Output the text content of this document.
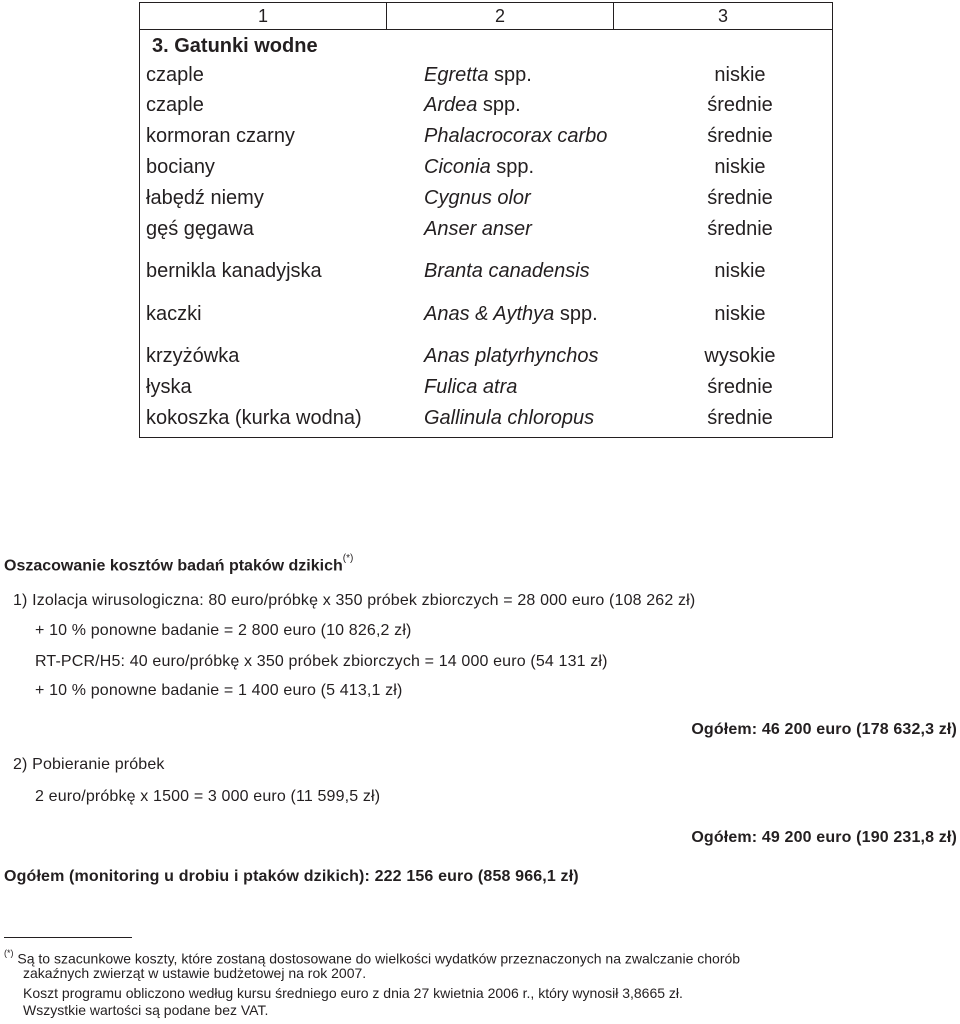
1	2	3
3. Gatunki wodne
czaple	Egretta spp.	niskie
czaple	Ardea spp.	średnie
kormoran czarny	Phalacrocorax carbo	średnie
bociany	Ciconia spp.	niskie
łabędź niemy	Cygnus olor	średnie
gęś gęgawa	Anser anser	średnie
bernikla kanadyjska	Branta canadensis	niskie
kaczki	Anas & Aythya spp.	niskie
krzyżówka	Anas platyrhynchos	wysokie
łyska	Fulica atra	średnie
kokoszka (kurka wodna)	Gallinula chloropus	średnie
Oszacowanie kosztów badań ptaków dzikich(*)
1) Izolacja wirusologiczna: 80 euro/próbkę x 350 próbek zbiorczych = 28 000 euro (108 262 zł)
+ 10 % ponowne badanie = 2 800 euro (10 826,2 zł)
RT-PCR/H5: 40 euro/próbkę x 350 próbek zbiorczych = 14 000 euro (54 131 zł)
+ 10 % ponowne badanie = 1 400 euro (5 413,1 zł)
Ogółem: 46 200 euro (178 632,3 zł)
2) Pobieranie próbek
2 euro/próbkę x 1500 = 3 000 euro (11 599,5 zł)
Ogółem: 49 200 euro (190 231,8 zł)
Ogółem (monitoring u drobiu i ptaków dzikich): 222 156 euro (858 966,1 zł)
(*) Są to szacunkowe koszty, które zostaną dostosowane do wielkości wydatków przeznaczonych na zwalczanie chorób
zakaźnych zwierząt w ustawie budżetowej na rok 2007.
Koszt programu obliczono według kursu średniego euro z dnia 27 kwietnia 2006 r., który wynosił 3,8665 zł.
Wszystkie wartości są podane bez VAT.
